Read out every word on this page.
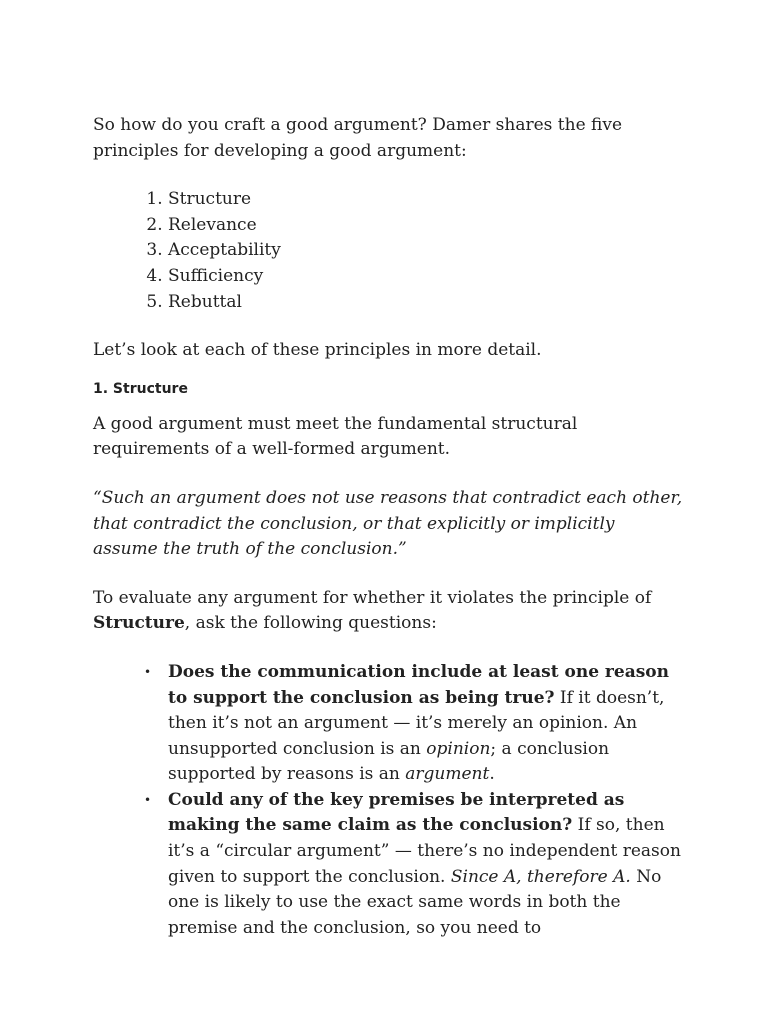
So how do you craft a good argument? Damer shares the five principles for developing a good argument:

1. Structure
2. Relevance
3. Acceptability
4. Sufficiency
5. Rebuttal

Let’s look at each of these principles in more detail.

1. Structure

A good argument must meet the fundamental structural requirements of a well-formed argument.

“Such an argument does not use reasons that contradict each other, that contradict the conclusion, or that explicitly or implicitly assume the truth of the conclusion.”

To evaluate any argument for whether it violates the principle of Structure, ask the following questions:

• Does the communication include at least one reason to support the conclusion as being true? If it doesn’t, then it’s not an argument — it’s merely an opinion. An unsupported conclusion is an opinion; a conclusion supported by reasons is an argument.
• Could any of the key premises be interpreted as making the same claim as the conclusion? If so, then it’s a “circular argument” — there’s no independent reason given to support the conclusion. Since A, therefore A. No one is likely to use the exact same words in both the premise and the conclusion, so you need to
